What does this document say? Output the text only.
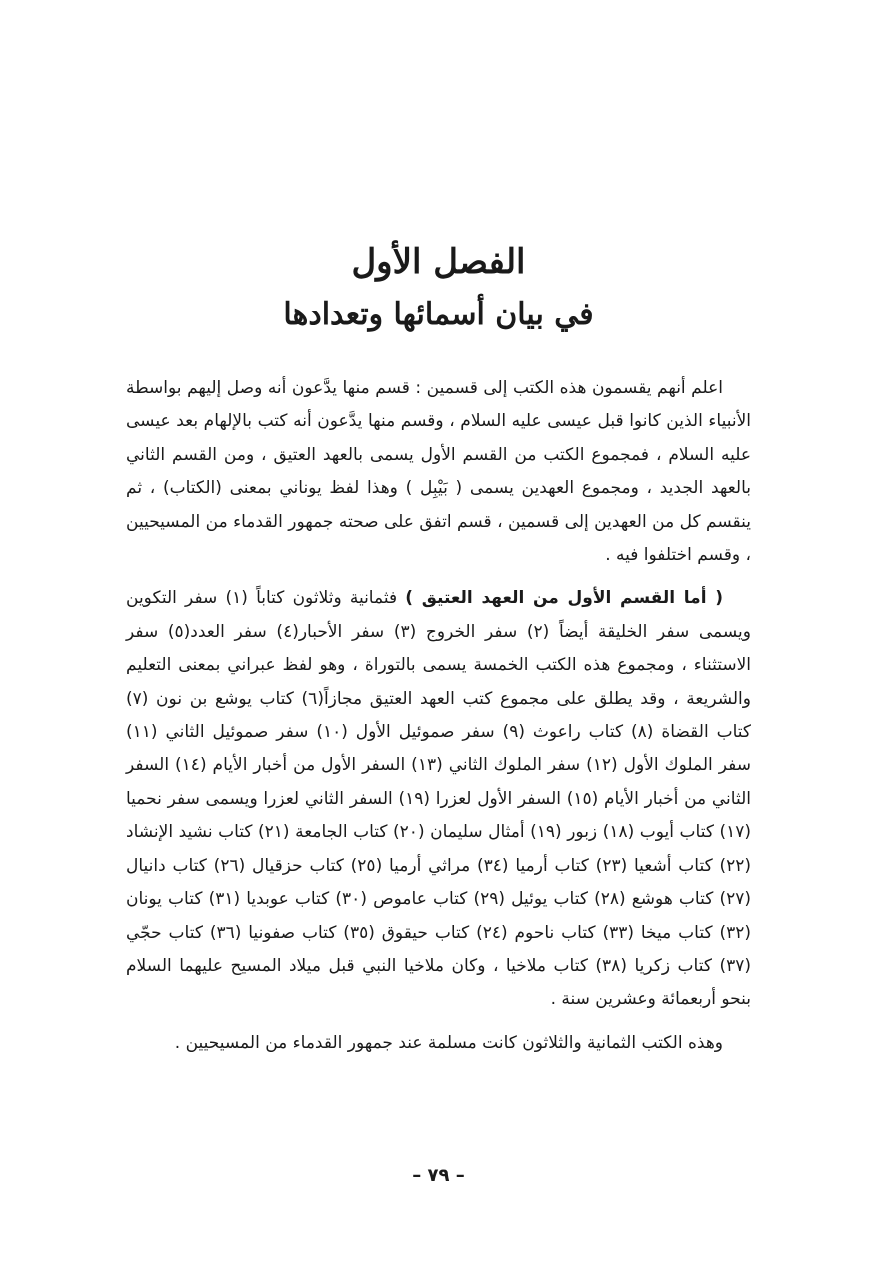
الفصل الأول
في بيان أسمائها وتعدادها

اعلم أنهم يقسمون هذه الكتب إلى قسمين : قسم منها يدَّعون أنه وصل إليهم بواسطة الأنبياء الذين كانوا قبل عيسى عليه السلام ، وقسم منها يدَّعون أنه كتب بالإلهام بعد عيسى عليه السلام ، فمجموع الكتب من القسم الأول يسمى بالعهد العتيق ، ومن القسم الثاني بالعهد الجديد ، ومجموع العهدين يسمى ( بَيْبِل ) وهذا لفظ يوناني بمعنى (الكتاب) ، ثم ينقسم كل من العهدين إلى قسمين ، قسم اتفق على صحته جمهور القدماء من المسيحيين ، وقسم اختلفوا فيه .

( أما القسم الأول من العهد العتيق ) فثمانية وثلاثون كتاباً (١) سفر التكوين ويسمى سفر الخليقة أيضاً (٢) سفر الخروج (٣) سفر الأحبار(٤) سفر العدد(٥) سفر الاستثناء ، ومجموع هذه الكتب الخمسة يسمى بالتوراة ، وهو لفظ عبراني بمعنى التعليم والشريعة ، وقد يطلق على مجموع كتب العهد العتيق مجازاً(٦) كتاب يوشع بن نون (٧) كتاب القضاة (٨) كتاب راعوث (٩) سفر صموئيل الأول (١٠) سفر صموئيل الثاني (١١) سفر الملوك الأول (١٢) سفر الملوك الثاني (١٣) السفر الأول من أخبار الأيام (١٤) السفر الثاني من أخبار الأيام (١٥) السفر الأول لعزرا (١٩) السفر الثاني لعزرا ويسمى سفر نحميا (١٧) كتاب أيوب (١٨) زبور (١٩) أمثال سليمان (٢٠) كتاب الجامعة (٢١) كتاب نشيد الإنشاد (٢٢) كتاب أشعيا (٢٣) كتاب أرميا (٣٤) مراثي أرميا (٢٥) كتاب حزقيال (٢٦) كتاب دانيال (٢٧) كتاب هوشع (٢٨) كتاب يوئيل (٢٩) كتاب عاموص (٣٠) كتاب عوبديا (٣١) كتاب يونان (٣٢) كتاب ميخا (٣٣) كتاب ناحوم (٢٤) كتاب حيقوق (٣٥) كتاب صفونيا (٣٦) كتاب حجّي (٣٧) كتاب زكريا (٣٨) كتاب ملاخيا ، وكان ملاخيا النبي قبل ميلاد المسيح عليهما السلام بنحو أربعمائة وعشرين سنة .

وهذه الكتب الثمانية والثلاثون كانت مسلمة عند جمهور القدماء من المسيحيين .

– ٧٩ –
